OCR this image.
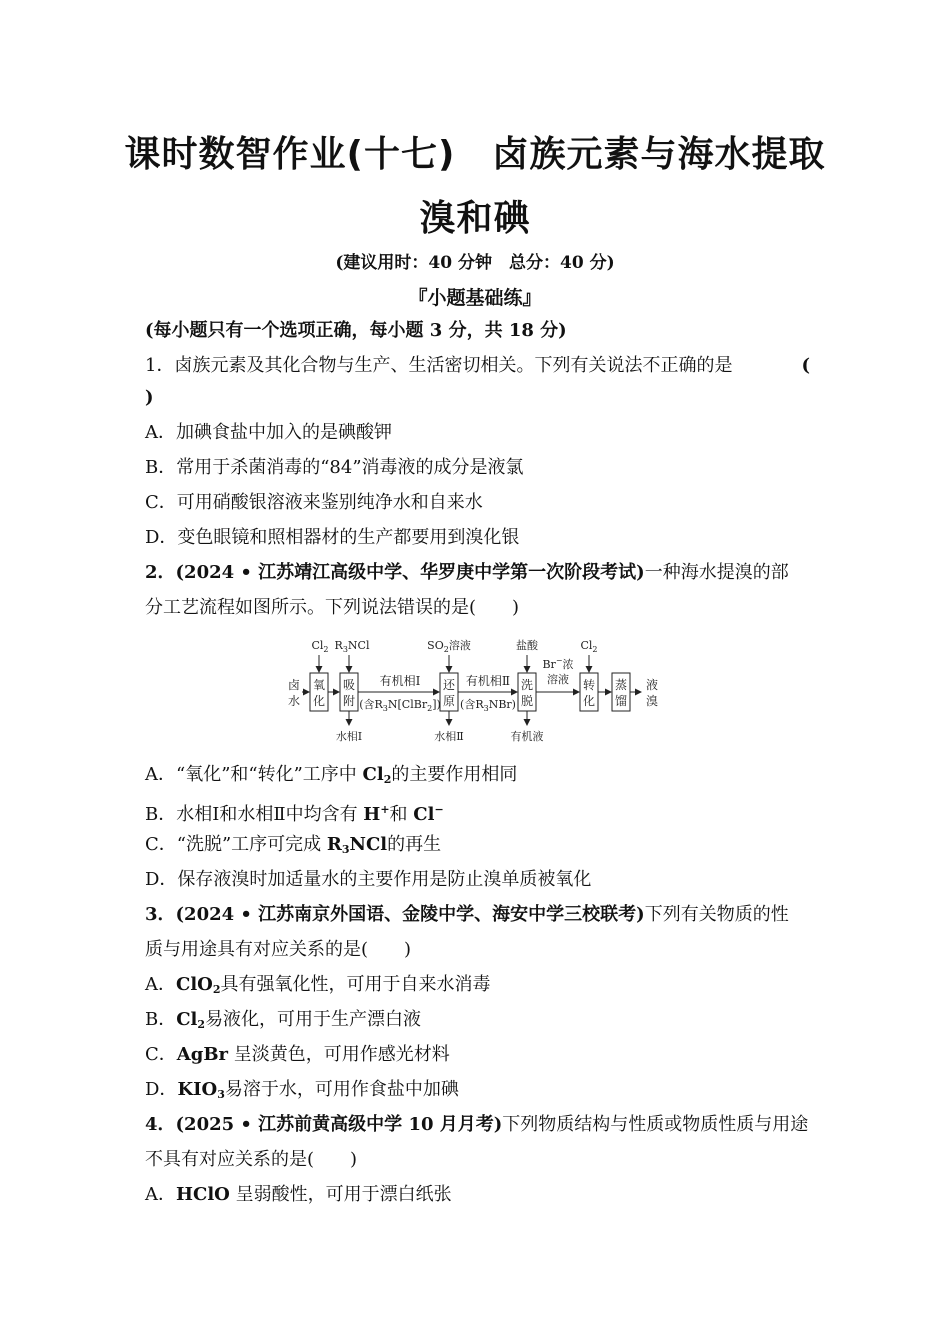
课时数智作业(十七)　卤族元素与海水提取
溴和碘
(建议用时：40 分钟　总分：40 分)
『小题基础练』
(每小题只有一个选项正确，每小题 3 分，共 18 分)
1．卤族元素及其化合物与生产、生活密切相关。下列有关说法不正确的是	(
)
A．加碘食盐中加入的是碘酸钾
B．常用于杀菌消毒的“84”消毒液的成分是液氯
C．可用硝酸银溶液来鉴别纯净水和自来水
D．变色眼镜和照相器材的生产都要用到溴化银
2．(2024 • 江苏靖江高级中学、华罗庚中学第一次阶段考试)一种海水提溴的部
分工艺流程如图所示。下列说法错误的是(　　)
卤
水
氧
化
吸
附
还
原
洗
脱
转
化
蒸
馏
液
溴
有机相Ⅰ
(含$R_3N[ClBr_2]$)
有机相Ⅱ
(含$R_3NBr$)
Br−浓
溶液
$Cl_2$ $R_3NCl$	$SO_2$溶液	盐酸	$Cl_2$
水相Ⅰ	水相Ⅱ	有机液
A．“氧化”和“转化”工序中 $Cl_2$的主要作用相同
B．水相Ⅰ和水相Ⅱ中均含有 H+和 Cl−
C．“洗脱”工序可完成 $R_3NCl$的再生
D．保存液溴时加适量水的主要作用是防止溴单质被氧化
3．(2024 • 江苏南京外国语、金陵中学、海安中学三校联考)下列有关物质的性
质与用途具有对应关系的是(　　)
A．ClO$_2$具有强氧化性，可用于自来水消毒
B．$Cl_2$易液化，可用于生产漂白液
C．AgBr 呈淡黄色，可用作感光材料
D．$KIO_3$易溶于水，可用作食盐中加碘
4．(2025 • 江苏前黄高级中学 10 月月考)下列物质结构与性质或物质性质与用途
不具有对应关系的是(　　)
A．HClO 呈弱酸性，可用于漂白纸张
